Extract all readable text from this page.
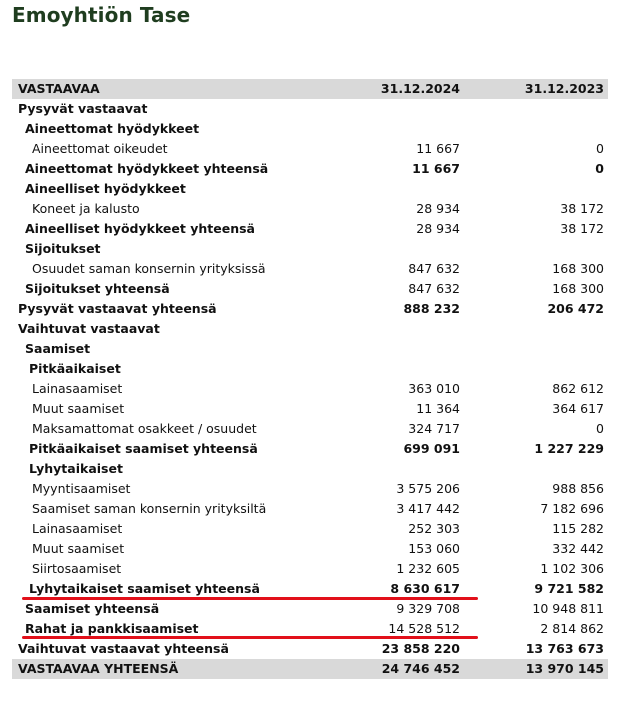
Emoyhtiön Tase
VASTAAVAA	31.12.2024	31.12.2023
Pysyvät vastaavat
Aineettomat hyödykkeet
Aineettomat oikeudet	11 667	0
Aineettomat hyödykkeet yhteensä	11 667	0
Aineelliset hyödykkeet
Koneet ja kalusto	28 934	38 172
Aineelliset hyödykkeet yhteensä	28 934	38 172
Sijoitukset
Osuudet saman konsernin yrityksissä	847 632	168 300
Sijoitukset yhteensä	847 632	168 300
Pysyvät vastaavat yhteensä	888 232	206 472
Vaihtuvat vastaavat
Saamiset
Pitkäaikaiset
Lainasaamiset	363 010	862 612
Muut saamiset	11 364	364 617
Maksamattomat osakkeet / osuudet	324 717	0
Pitkäaikaiset saamiset yhteensä	699 091	1 227 229
Lyhytaikaiset
Myyntisaamiset	3 575 206	988 856
Saamiset saman konsernin yrityksiltä	3 417 442	7 182 696
Lainasaamiset	252 303	115 282
Muut saamiset	153 060	332 442
Siirtosaamiset	1 232 605	1 102 306
Lyhytaikaiset saamiset yhteensä	8 630 617	9 721 582
Saamiset yhteensä	9 329 708	10 948 811
Rahat ja pankkisaamiset	14 528 512	2 814 862
Vaihtuvat vastaavat yhteensä	23 858 220	13 763 673
VASTAAVAA YHTEENSÄ	24 746 452	13 970 145
